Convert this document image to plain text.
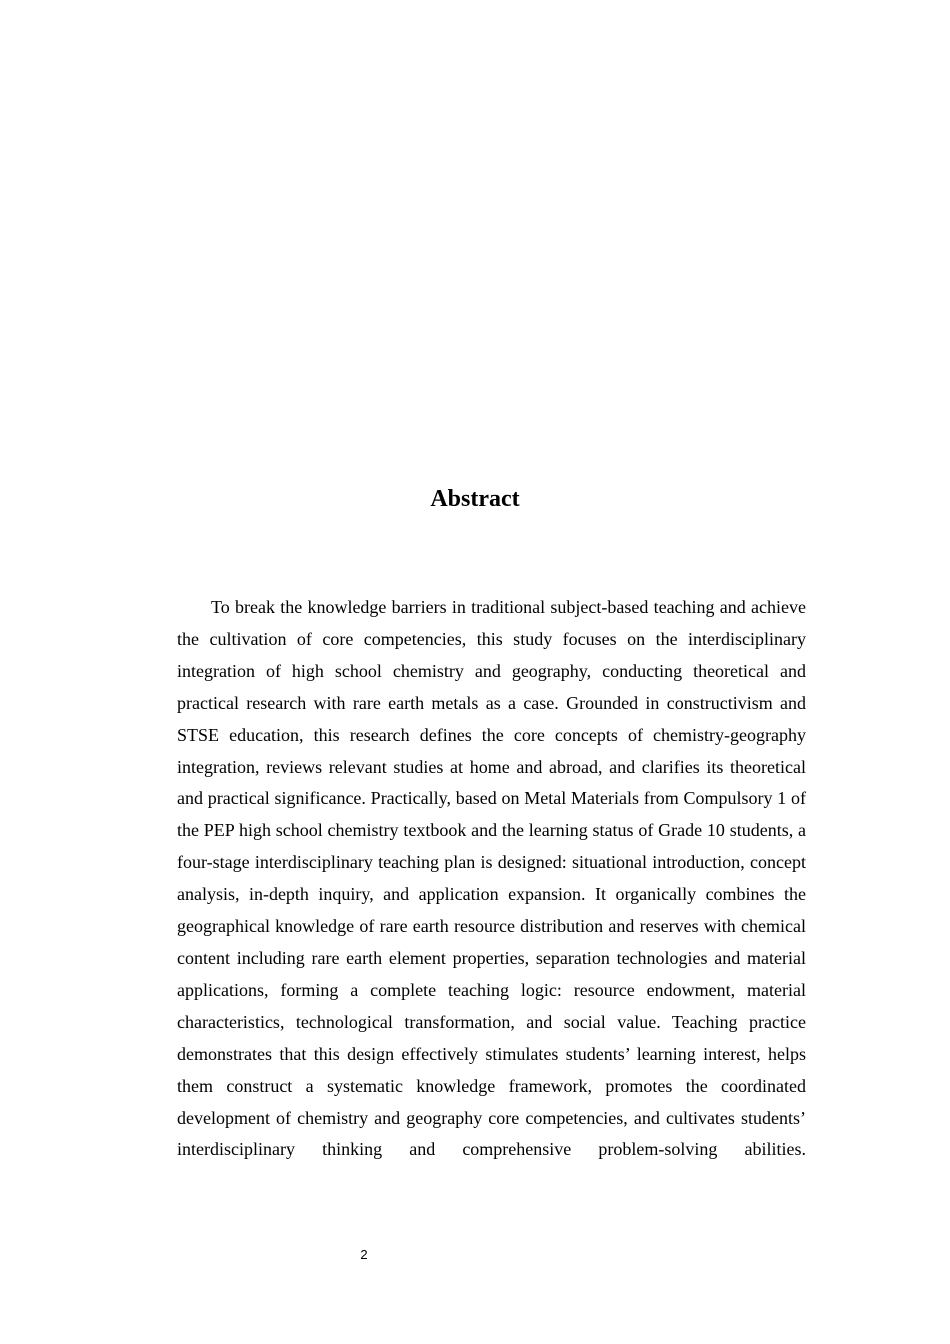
Abstract

To break the knowledge barriers in traditional subject-based teaching and achieve the cultivation of core competencies, this study focuses on the interdisciplinary integration of high school chemistry and geography, conducting theoretical and practical research with rare earth metals as a case. Grounded in constructivism and STSE education, this research defines the core concepts of chemistry-geography integration, reviews relevant studies at home and abroad, and clarifies its theoretical and practical significance. Practically, based on Metal Materials from Compulsory 1 of the PEP high school chemistry textbook and the learning status of Grade 10 students, a four-stage interdisciplinary teaching plan is designed: situational introduction, concept analysis, in-depth inquiry, and application expansion. It organically combines the geographical knowledge of rare earth resource distribution and reserves with chemical content including rare earth element properties, separation technologies and material applications, forming a complete teaching logic: resource endowment, material characteristics, technological transformation, and social value. Teaching practice demonstrates that this design effectively stimulates students’ learning interest, helps them construct a systematic knowledge framework, promotes the coordinated development of chemistry and geography core competencies, and cultivates students’ interdisciplinary thinking and comprehensive problem-solving abilities.

2
